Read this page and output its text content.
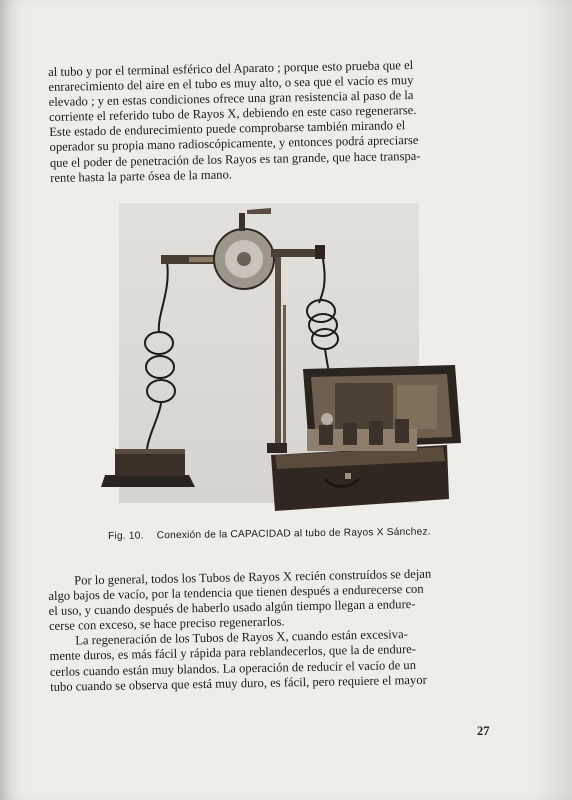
al tubo y por el terminal esférico del Aparato ; porque esto prueba que el
enrarecimiento del aire en el tubo es muy alto, o sea que el vacío es muy
elevado ; y en estas condiciones ofrece una gran resistencia al paso de la
corriente el referido tubo de Rayos X, debiendo en este caso regenerarse.
Este estado de endurecimiento puede comprobarse también mirando el
operador su propia mano radioscópicamente, y entonces podrá apreciarse
que el poder de penetración de los Rayos es tan grande, que hace transpa-
rente hasta la parte ósea de la mano.

Fig. 10. Conexión de la CAPACIDAD al tubo de Rayos X Sánchez.

Por lo general, todos los Tubos de Rayos X recién construídos se dejan
algo bajos de vacío, por la tendencia que tienen después a endurecerse con
el uso, y cuando después de haberlo usado algún tiempo llegan a endure-
cerse con exceso, se hace preciso regenerarlos.
La regeneración de los Tubos de Rayos X, cuando están excesiva-
mente duros, es más fácil y rápida para reblandecerlos, que la de endure-
cerlos cuando están muy blandos. La operación de reducir el vacío de un
tubo cuando se observa que está muy duro, es fácil, pero requiere el mayor

27
